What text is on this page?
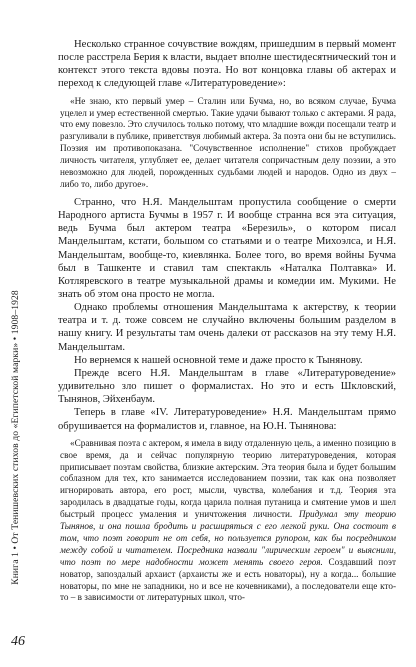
Книга 1 • От Тенишевских стихов до «Египетской марки» • 1908–1928

Несколько странное сочувствие вождям, пришедшим в первый момент после расстрела Берия к власти, выдает вполне шестидесятнический тон и контекст этого текста вдовы поэта. Но вот концовка главы об актерах и переход к следующей главе «Литературоведение»:

«Не знаю, кто первый умер – Сталин или Бучма, но, во всяком случае, Бучма уцелел и умер естественной смертью. Такие удачи бывают только с актерами. Я рада, что ему повезло. Это случилось только потому, что младшие вожди посещали театр и разгуливали в публике, приветствуя любимый актера. За поэта они бы не вступились. Поэзия им противопоказана. "Сочувственное исполнение" стихов пробуждает личность читателя, углубляет ее, делает читателя сопричастным делу поэзии, а это невозможно для людей, порожденных судьбами людей и народов. Одно из двух – либо то, либо другое».

Странно, что Н.Я. Мандельштам пропустила сообщение о смерти Народного артиста Бучмы в 1957 г. И вообще странна вся эта ситуация, ведь Бучма был актером театра «Березиль», о котором писал Мандельштам, кстати, большом со статьями и о театре Михоэлса, и Н.Я. Мандельштам, вообще-то, киевлянка. Более того, во время войны Бучма был в Ташкенте и ставил там спектакль «Наталка Полтавка» И. Котляревского в театре музыкальной драмы и комедии им. Мукими. Не знать об этом она просто не могла.

Однако проблемы отношения Мандельштама к актерству, к теории театра и т. д. тоже совсем не случайно включены большим разделом в нашу книгу. И результаты там очень далеки от рассказов на эту тему Н.Я. Мандельштам.

Но вернемся к нашей основной теме и даже просто к Тынянову.

Прежде всего Н.Я. Мандельштам в главе «Литературоведение» удивительно зло пишет о формалистах. Но это и есть Шкловский, Тынянов, Эйхенбаум.

Теперь в главе «IV. Литературоведение» Н.Я. Мандельштам прямо обрушивается на формалистов и, главное, на Ю.Н. Тынянова:

«Сравнивая поэта с актером, я имела в виду отдаленную цель, а именно позицию в свое время, да и сейчас популярную теорию литературоведения, которая приписывает поэтам свойства, близкие актерским. Эта теория была и будет большим соблазном для тех, кто занимается исследованием поэзии, так как она позволяет игнорировать автора, его рост, мысли, чувства, колебания и т.д. Теория эта зародилась в двадцатые годы, когда царила полная путаница и смятение умов и шел быстрый процесс умаления и уничтожения личности. Придумал эту теорию Тынянов, и она пошла бродить и расширяться с его легкой руки. Она состоит в том, что поэт говорит не от себя, но пользуется рупором, как бы посредником между собой и читателем. Посредника назвали "лирическим героем" и выяснили, что поэт по мере надобности может менять своего героя. Создавший поэт новатор, запоздалый архаист (архаисты же и есть новаторы), ну а когда... большие новаторы, по мне не западники, но и все не кочевниками), а последователи еще кто-то – в зависимости от литературных школ, что-

46
